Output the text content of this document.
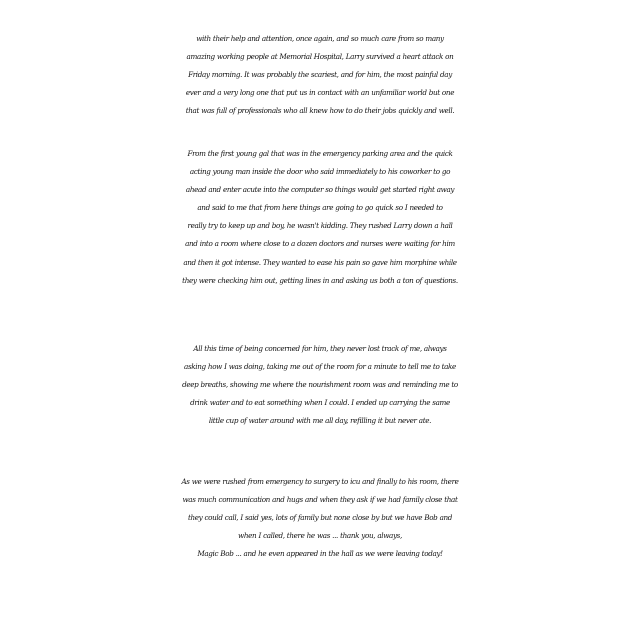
with their help and attention, once again, and so much care from so many
amazing working people at Memorial Hospital, Larry survived a heart attack on
Friday morning. It was probably the scariest, and for him, the most painful day
ever and a very long one that put us in contact with an unfamiliar world but one
that was full of professionals who all knew how to do their jobs quickly and well.

From the first young gal that was in the emergency parking area and the quick
acting young man inside the door who said immediately to his coworker to go
ahead and enter acute into the computer so things would get started right away
and said to me that from here things are going to go quick so I needed to
really try to keep up and boy, he wasn't kidding. They rushed Larry down a hall
and into a room where close to a dozen doctors and nurses were waiting for him
and then it got intense. They wanted to ease his pain so gave him morphine while
they were checking him out, getting lines in and asking us both a ton of questions.

All this time of being concerned for him, they never lost track of me, always
asking how I was doing, taking me out of the room for a minute to tell me to take
deep breaths, showing me where the nourishment room was and reminding me to
drink water and to eat something when I could. I ended up carrying the same
little cup of water around with me all day, refilling it but never ate.

As we were rushed from emergency to surgery to icu and finally to his room, there
was much communication and hugs and when they ask if we had family close that
they could call, I said yes, lots of family but none close by but we have Bob and
when I called, there he was ... thank you, always,
Magic Bob ... and he even appeared in the hall as we were leaving today!
